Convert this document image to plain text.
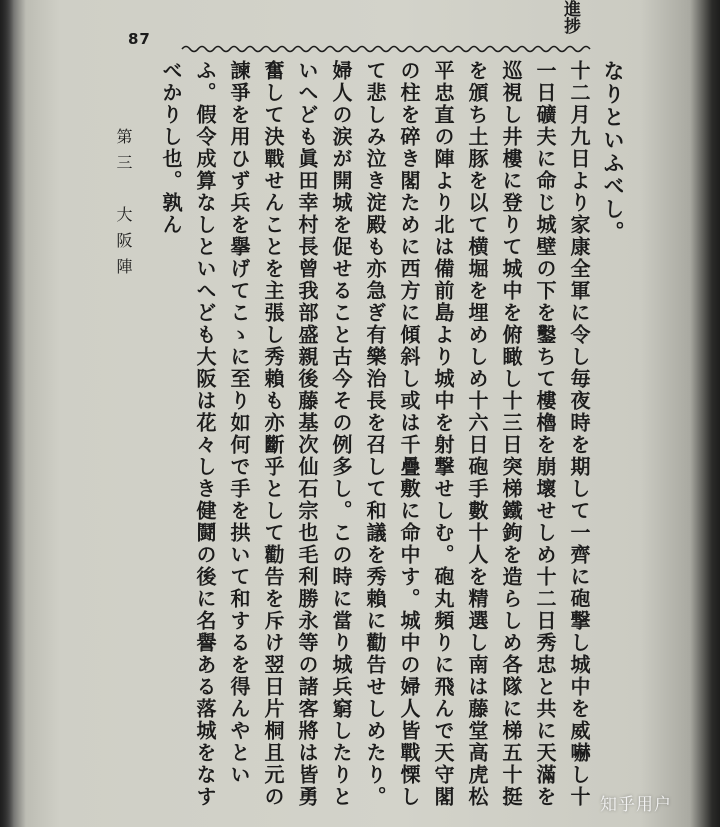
進捗
87
第三　大阪陣	なりといふべし。

十二月九日より家康全軍に令し毎夜時を期して一齊に砲撃し城中を威嚇し十一日礦夫に命じ城壁の下を鑿ちて樓櫓を崩壞せしめ十二日秀忠と共に天滿を巡視し井樓に登りて城中を俯瞰し十三日突梯鐵鉤を造らしめ各隊に梯五十挺を頒ち土豚を以て横堀を埋めしめ十六日砲手數十人を精選し南は藤堂高虎松平忠直の陣より北は備前島より城中を射撃せしむ。砲丸頻りに飛んで天守閣の柱を碎き閣ために西方に傾斜し或は千疊敷に命中す。城中の婦人皆戰慄して悲しみ泣き淀殿も亦急ぎ有樂治長を召して和議を秀賴に勸告せしめたり。婦人の涙が開城を促せること古今その例多し。この時に當り城兵窮したりといへども眞田幸村長曾我部盛親後藤基次仙石宗也毛利勝永等の諸客將は皆勇奮して決戰せんことを主張し秀賴も亦斷乎として勸告を斥け翌日片桐且元の諫爭を用ひず兵を擧げてこゝに至り如何で手を拱いて和するを得んやといふ。假令成算なしといへども大阪は花々しき健鬪の後に名譽ある落城をなすべかりし也。孰ん

知乎用户
